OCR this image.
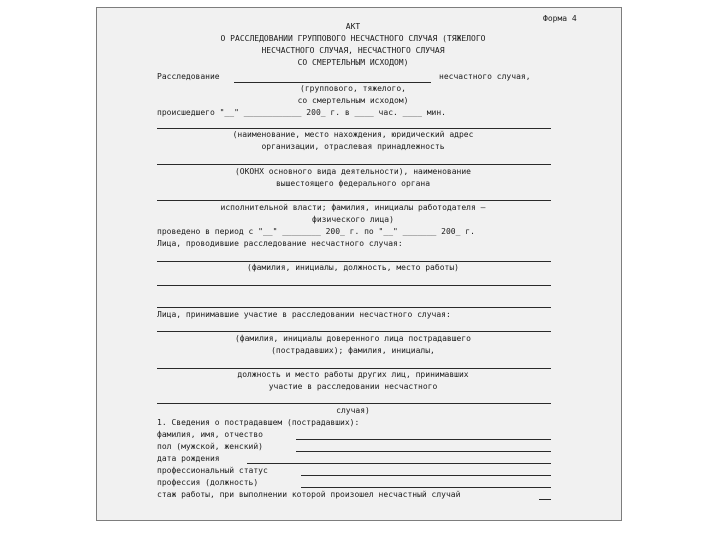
Форма 4
АКТ
О РАССЛЕДОВАНИИ ГРУППОВОГО НЕСЧАСТНОГО СЛУЧАЯ (ТЯЖЕЛОГО
НЕСЧАСТНОГО СЛУЧАЯ, НЕСЧАСТНОГО СЛУЧАЯ
СО СМЕРТЕЛЬНЫМ ИСХОДОМ)
Расследование	несчастного случая,
(группового, тяжелого,
со смертельным исходом)
происшедшего "__" ____________ 200_ г. в ____ час. ____ мин.
(наименование, место нахождения, юридический адрес
организации, отраслевая принадлежность
(ОКОНХ основного вида деятельности), наименование
вышестоящего федерального органа
исполнительной власти; фамилия, инициалы работодателя –
физического лица)
проведено в период с "__" ________ 200_ г. по "__" _______ 200_ г.
Лица, проводившие расследование несчастного случая:
(фамилия, инициалы, должность, место работы)
Лица, принимавшие участие в расследовании несчастного случая:
(фамилия, инициалы доверенного лица пострадавшего
(пострадавших); фамилия, инициалы,
должность и место работы других лиц, принимавших
участие в расследовании несчастного
случая)
1. Сведения о пострадавшем (пострадавших):
фамилия, имя, отчество
пол (мужской, женский)
дата рождения
профессиональный статус
профессия (должность)
стаж работы, при выполнении которой произошел несчастный случай
